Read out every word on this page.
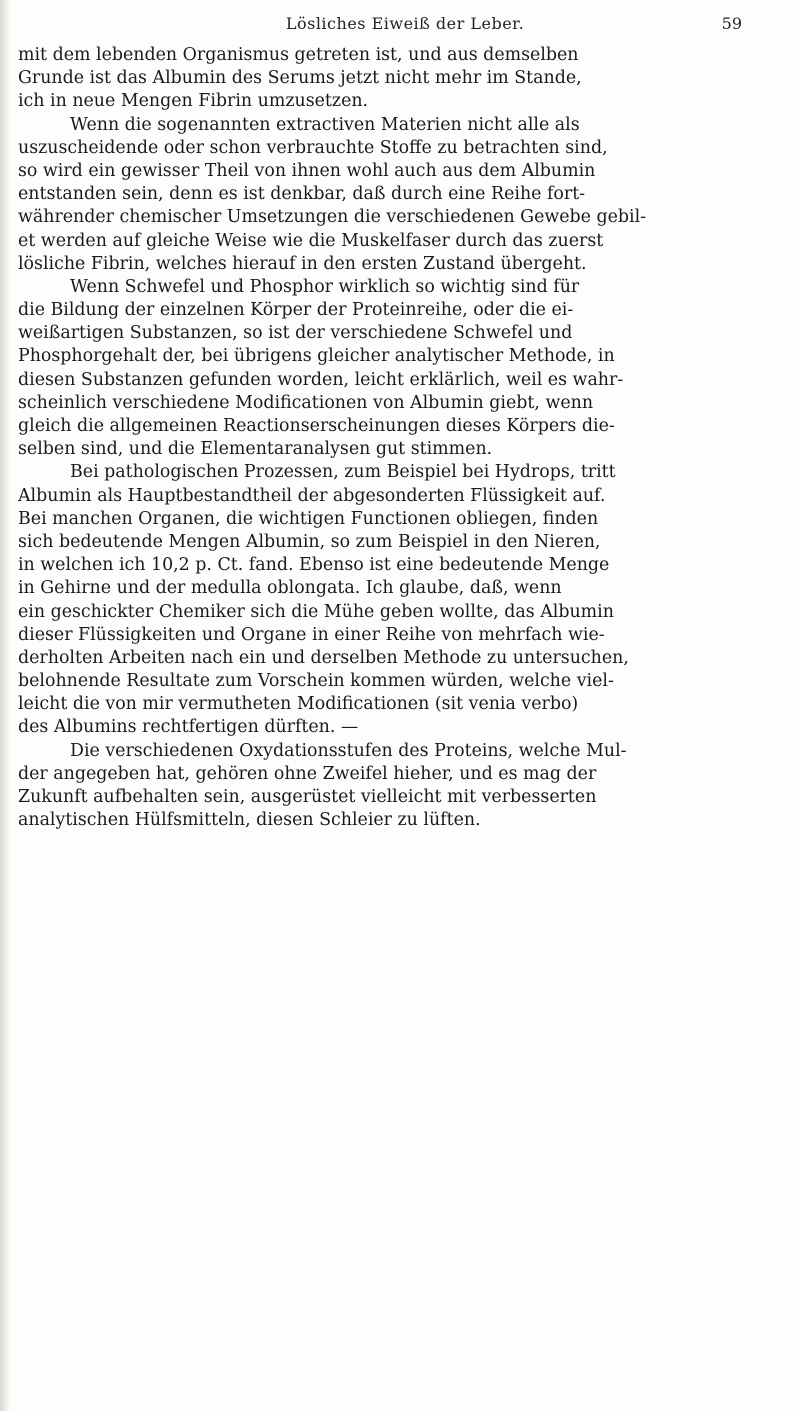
Lösliches Eiweiß der Leber.	59
mit dem lebenden Organismus getreten ist, und aus demselben
Grunde ist das Albumin des Serums jetzt nicht mehr im Stande,
ich in neue Mengen Fibrin umzusetzen.
Wenn die sogenannten extractiven Materien nicht alle als
uszuscheidende oder schon verbrauchte Stoffe zu betrachten sind,
so wird ein gewisser Theil von ihnen wohl auch aus dem Albumin
entstanden sein, denn es ist denkbar, daß durch eine Reihe fort-
währender chemischer Umsetzungen die verschiedenen Gewebe gebil-
et werden auf gleiche Weise wie die Muskelfaser durch das zuerst
lösliche Fibrin, welches hierauf in den ersten Zustand übergeht.
Wenn Schwefel und Phosphor wirklich so wichtig sind für
die Bildung der einzelnen Körper der Proteinreihe, oder die ei-
weißartigen Substanzen, so ist der verschiedene Schwefel und
Phosphorgehalt der, bei übrigens gleicher analytischer Methode, in
diesen Substanzen gefunden worden, leicht erklärlich, weil es wahr-
scheinlich verschiedene Modificationen von Albumin giebt, wenn
gleich die allgemeinen Reactionserscheinungen dieses Körpers die-
selben sind, und die Elementaranalysen gut stimmen.
Bei pathologischen Prozessen, zum Beispiel bei Hydrops, tritt
Albumin als Hauptbestandtheil der abgesonderten Flüssigkeit auf.
Bei manchen Organen, die wichtigen Functionen obliegen, finden
sich bedeutende Mengen Albumin, so zum Beispiel in den Nieren,
in welchen ich 10,2 p. Ct. fand. Ebenso ist eine bedeutende Menge
in Gehirne und der medulla oblongata. Ich glaube, daß, wenn
ein geschickter Chemiker sich die Mühe geben wollte, das Albumin
dieser Flüssigkeiten und Organe in einer Reihe von mehrfach wie-
derholten Arbeiten nach ein und derselben Methode zu untersuchen,
belohnende Resultate zum Vorschein kommen würden, welche viel-
leicht die von mir vermutheten Modificationen (sit venia verbo)
des Albumins rechtfertigen dürften. —
Die verschiedenen Oxydationsstufen des Proteins, welche Mul-
der angegeben hat, gehören ohne Zweifel hieher, und es mag der
Zukunft aufbehalten sein, ausgerüstet vielleicht mit verbesserten
analytischen Hülfsmitteln, diesen Schleier zu lüften.
